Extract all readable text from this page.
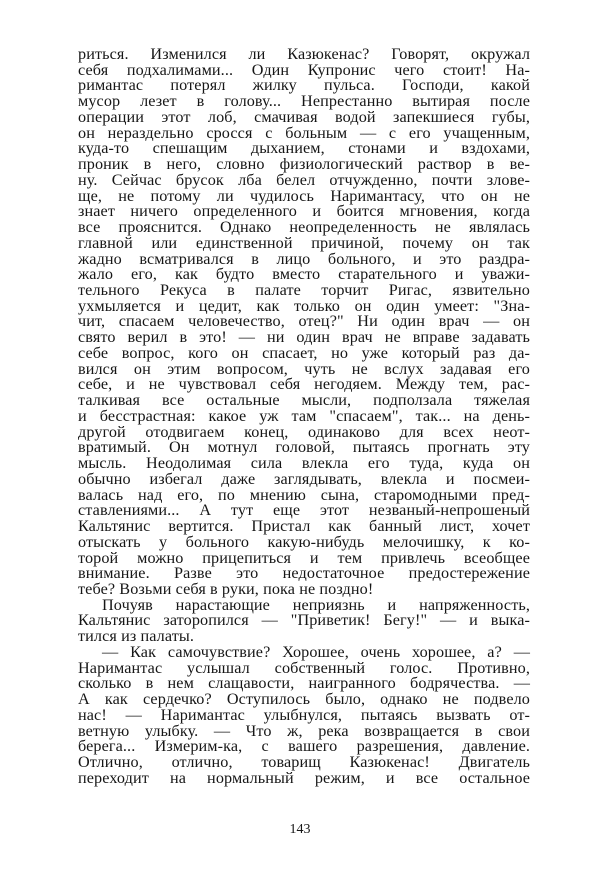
риться. Изменился ли Казюкенас? Говорят, окружал
себя подхалимами... Один Купронис чего стоит! На-
римантас потерял жилку пульса. Господи, какой
мусор лезет в голову... Непрестанно вытирая после
операции этот лоб, смачивая водой запекшиеся губы,
он нераздельно сросся с больным — с его учащенным,
куда-то спешащим дыханием, стонами и вздохами,
проник в него, словно физиологический раствор в ве-
ну. Сейчас брусок лба белел отчужденно, почти злове-
ще, не потому ли чудилось Наримантасу, что он не
знает ничего определенного и боится мгновения, когда
все прояснится. Однако неопределенность не являлась
главной или единственной причиной, почему он так
жадно всматривался в лицо больного, и это раздра-
жало его, как будто вместо старательного и уважи-
тельного Рекуса в палате торчит Ригас, язвительно
ухмыляется и цедит, как только он один умеет: "Зна-
чит, спасаем человечество, отец?" Ни один врач — он
свято верил в это! — ни один врач не вправе задавать
себе вопрос, кого он спасает, но уже который раз да-
вился он этим вопросом, чуть не вслух задавая его
себе, и не чувствовал себя негодяем. Между тем, рас-
талкивая все остальные мысли, подползала тяжелая
и бесстрастная: какое уж там "спасаем", так... на день-
другой отодвигаем конец, одинаково для всех неот-
вратимый. Он мотнул головой, пытаясь прогнать эту
мысль. Неодолимая сила влекла его туда, куда он
обычно избегал даже заглядывать, влекла и посмеи-
валась над его, по мнению сына, старомодными пред-
ставлениями... А тут еще этот незваный-непрошеный
Кальтянис вертится. Пристал как банный лист, хочет
отыскать у больного какую-нибудь мелочишку, к ко-
торой можно прицепиться и тем привлечь всеобщее
внимание. Разве это недостаточное предостережение
тебе? Возьми себя в руки, пока не поздно!
Почуяв нарастающие неприязнь и напряженность,
Кальтянис заторопился — "Приветик! Бегу!" — и выка-
тился из палаты.
— Как самочувствие? Хорошее, очень хорошее, а? —
Наримантас услышал собственный голос. Противно,
сколько в нем слащавости, наигранного бодрячества. —
А как сердечко? Оступилось было, однако не подвело
нас! — Наримантас улыбнулся, пытаясь вызвать от-
ветную улыбку. — Что ж, река возвращается в свои
берега... Измерим-ка, с вашего разрешения, давление.
Отлично, отлично, товарищ Казюкенас! Двигатель
переходит на нормальный режим, и все остальное
143
